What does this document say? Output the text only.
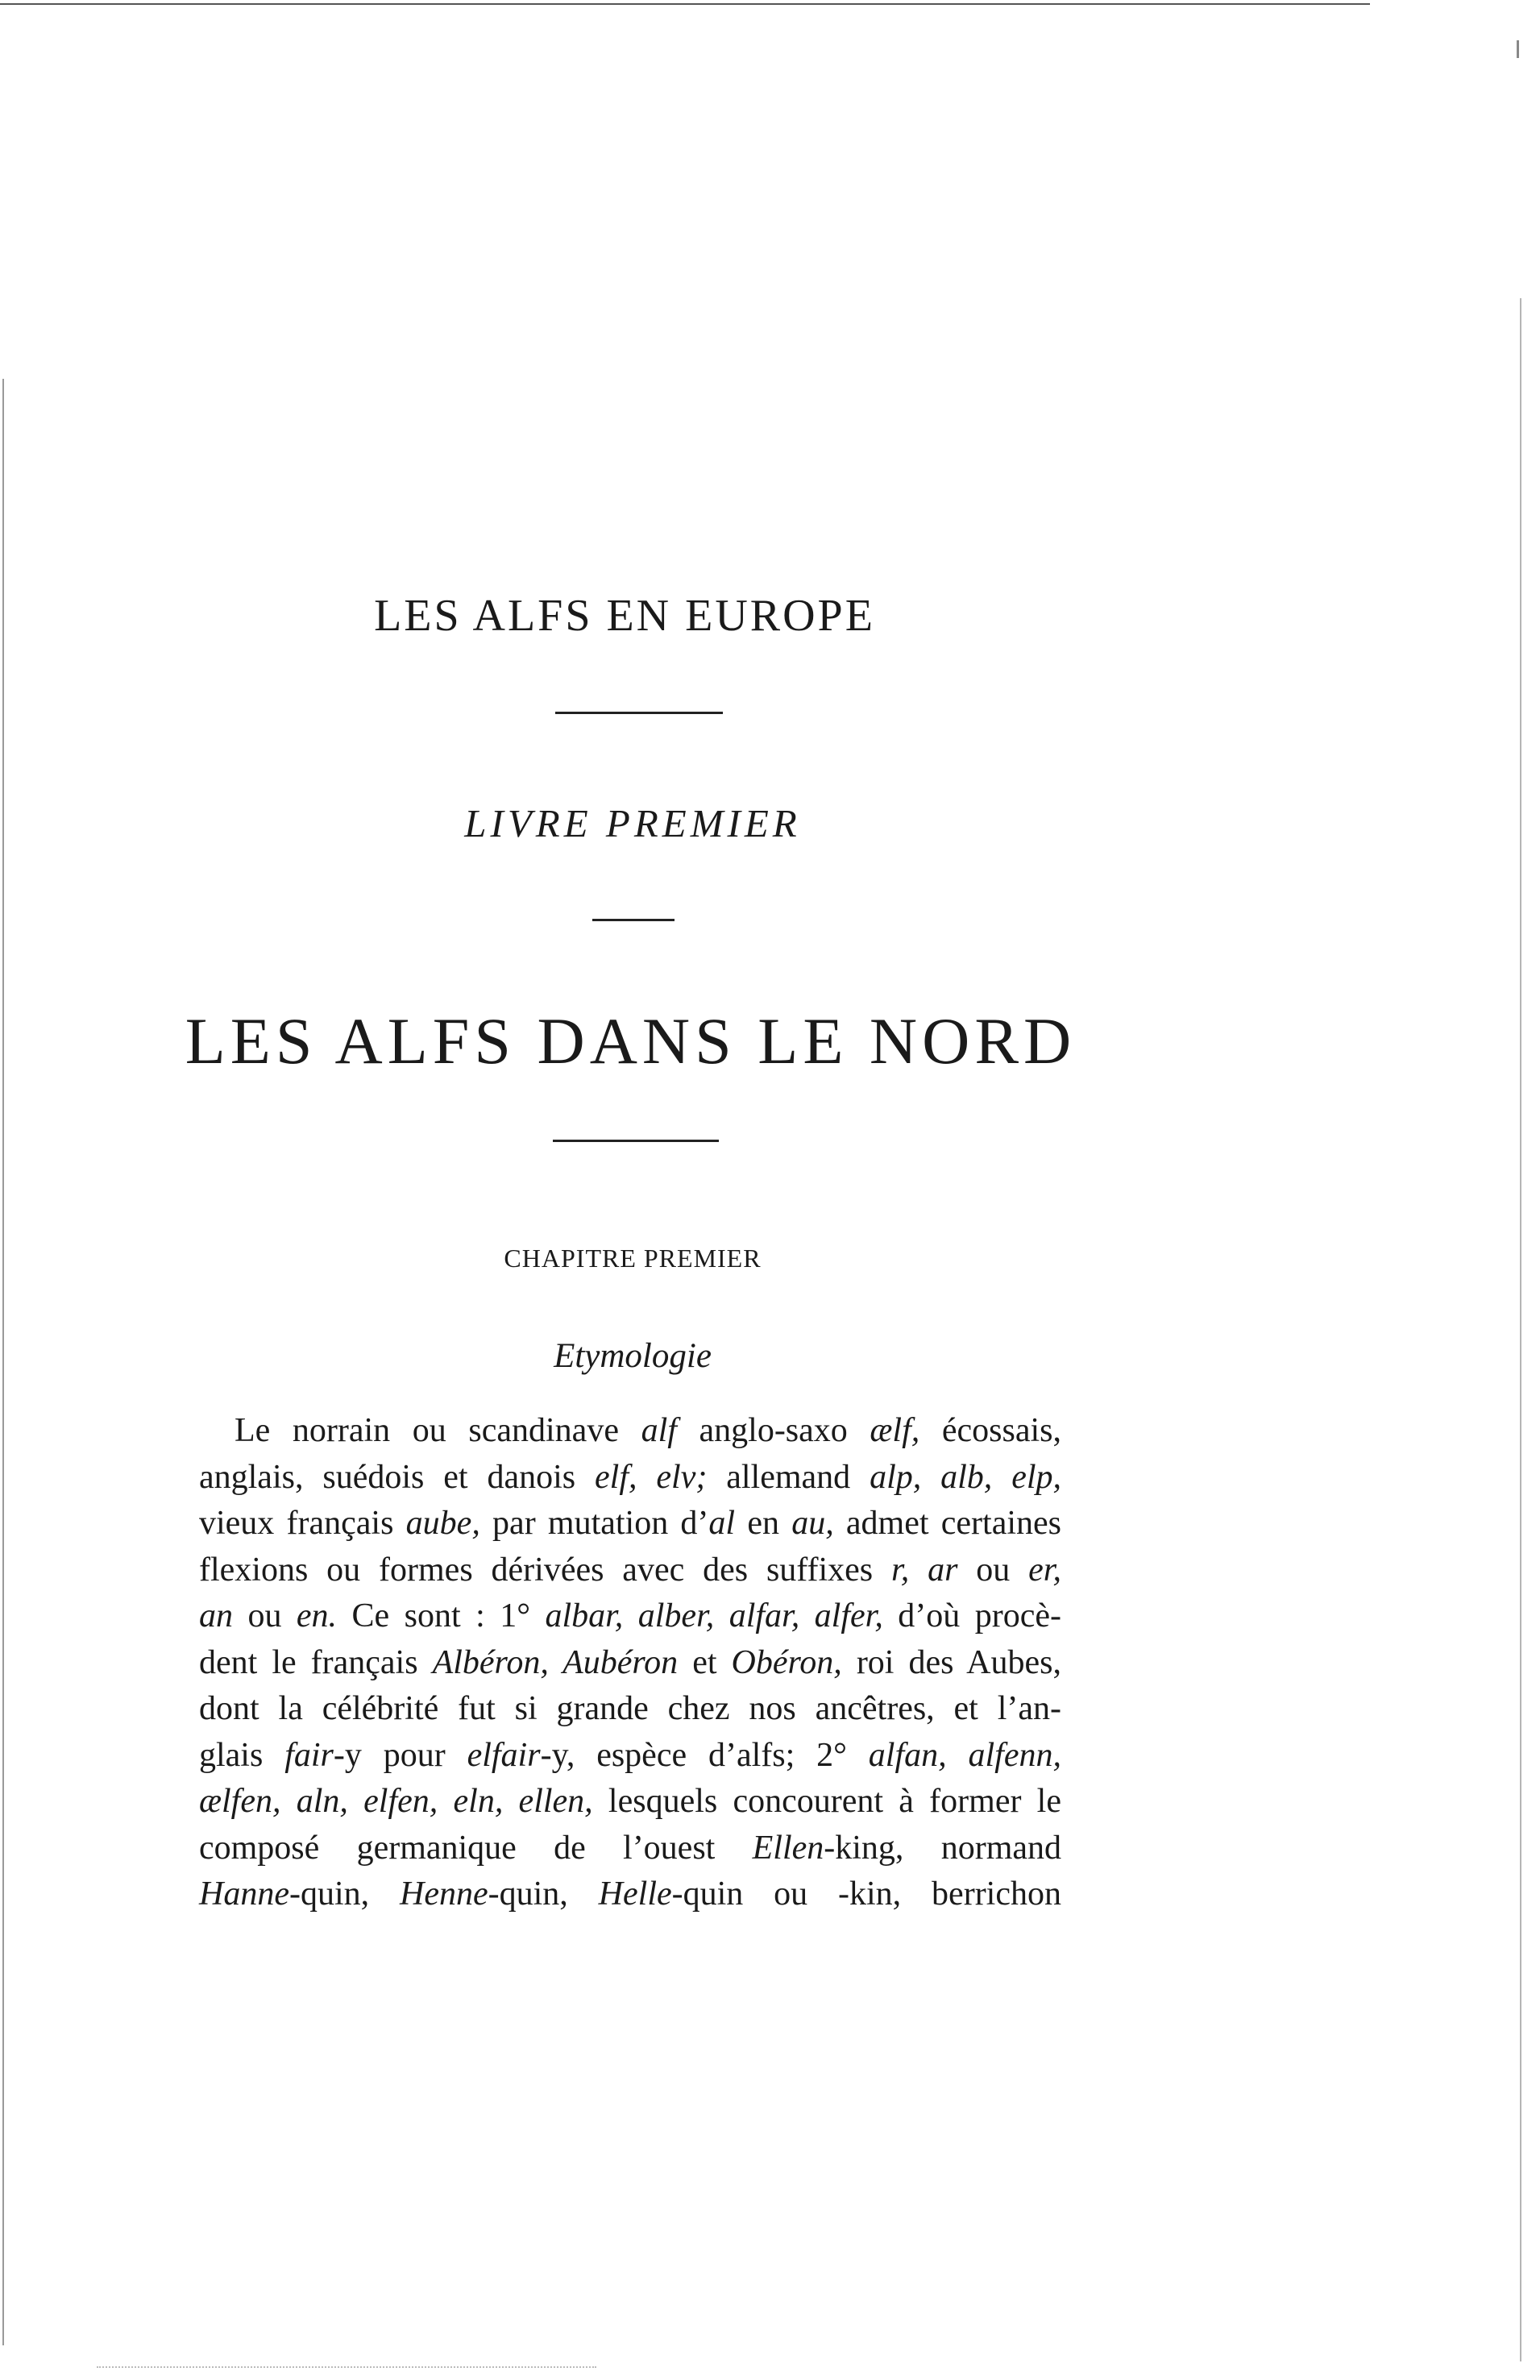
LES ALFS EN EUROPE
LIVRE PREMIER
LES ALFS DANS LE NORD
CHAPITRE PREMIER
Etymologie
Le norrain ou scandinave alf anglo-saxo ælf, écossais,
anglais, suédois et danois elf, elv; allemand alp, alb, elp,
vieux français aube, par mutation d’al en au, admet certaines
flexions ou formes dérivées avec des suffixes r, ar ou er,
an ou en. Ce sont : 1° albar, alber, alfar, alfer, d’où procè-
dent le français Albéron, Aubéron et Obéron, roi des Aubes,
dont la célébrité fut si grande chez nos ancêtres, et l’an-
glais fair-y pour elfair-y, espèce d’alfs; 2° alfan, alfenn,
ælfen, aln, elfen, eln, ellen, lesquels concourent à former le
composé germanique de l’ouest Ellen-king, normand
Hanne-quin, Henne-quin, Helle-quin ou -kin, berrichon
